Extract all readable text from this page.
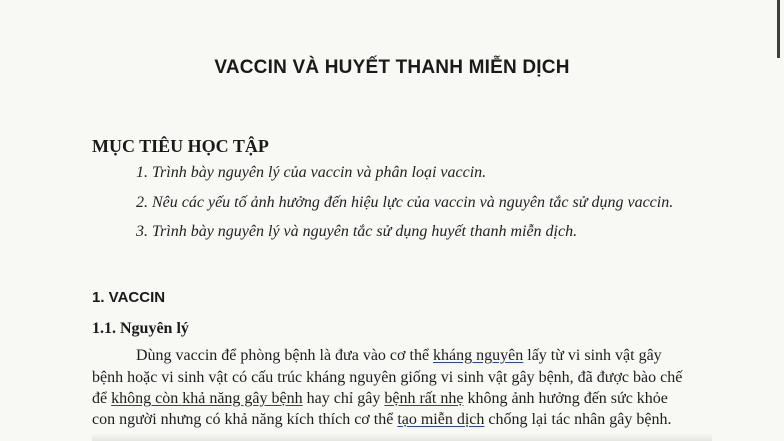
VACCIN VÀ HUYẾT THANH MIỄN DỊCH
MỤC TIÊU HỌC TẬP
1. Trình bày nguyên lý của vaccin và phân loại vaccin.
2. Nêu các yếu tố ảnh hưởng đến hiệu lực của vaccin và nguyên tắc sử dụng vaccin.
3. Trình bày nguyên lý và nguyên tắc sử dụng huyết thanh miễn dịch.
1. VACCIN
1.1. Nguyên lý
Dùng vaccin để phòng bệnh là đưa vào cơ thể kháng nguyên lấy từ vi sinh vật gây
bệnh hoặc vi sinh vật có cấu trúc kháng nguyên giống vi sinh vật gây bệnh, đã được bào chế
để không còn khả năng gây bệnh hay chỉ gây bệnh rất nhẹ không ảnh hưởng đến sức khỏe
con người nhưng có khả năng kích thích cơ thể tạo miễn dịch chống lại tác nhân gây bệnh.
